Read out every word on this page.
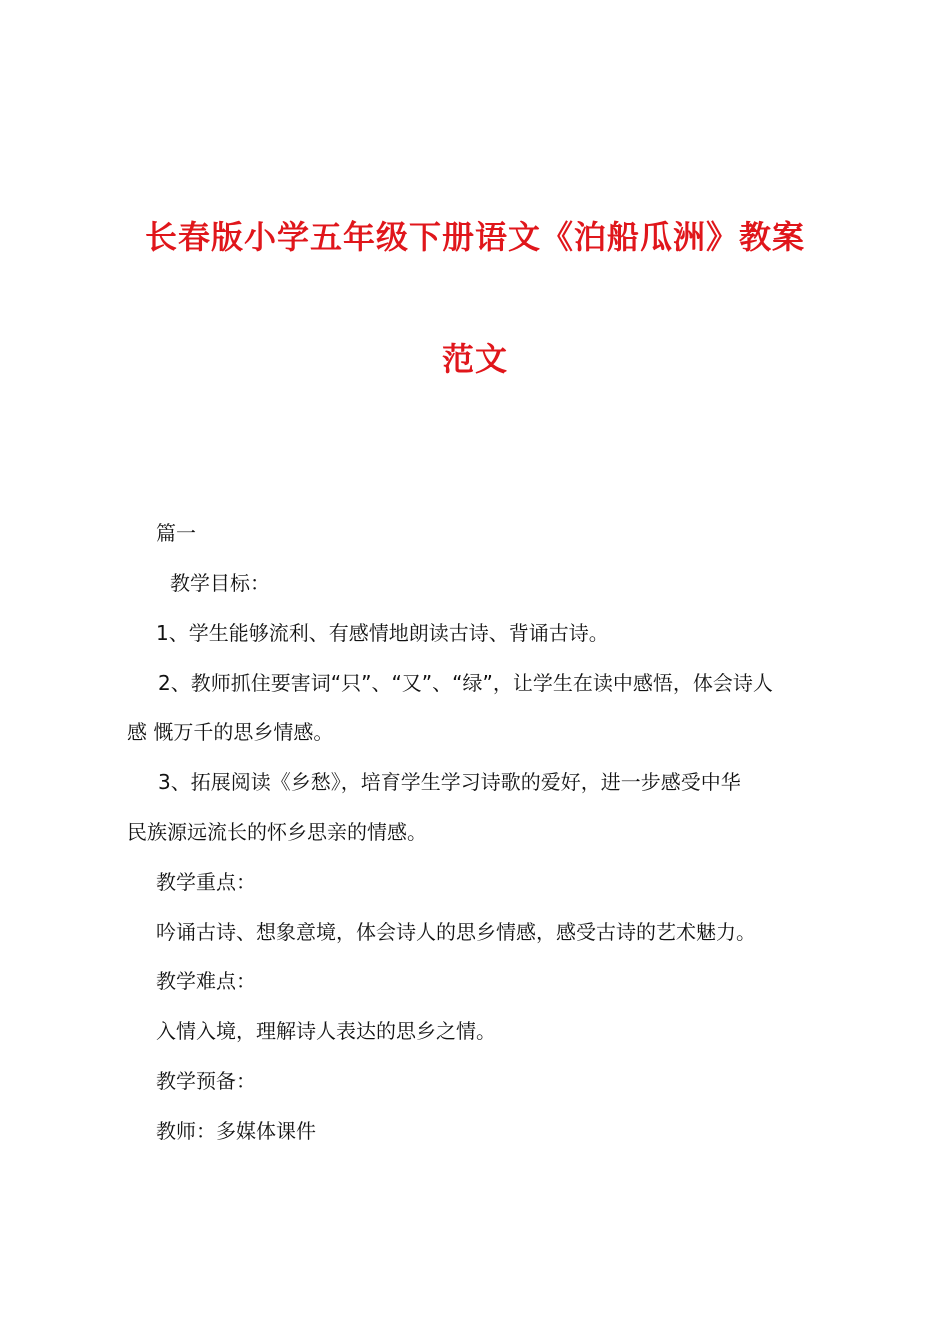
长春版小学五年级下册语文《泊船瓜洲》教案
范文

篇一

教学目标：

1、学生能够流利、有感情地朗读古诗、背诵古诗。

2、教师抓住要害词“只”、“又”、“绿”，让学生在读中感悟，体会诗人

感 慨万千的思乡情感。

3、拓展阅读《乡愁》，培育学生学习诗歌的爱好，进一步感受中华

民族源远流长的怀乡思亲的情感。

教学重点：

吟诵古诗、想象意境，体会诗人的思乡情感，感受古诗的艺术魅力。

教学难点：

入情入境，理解诗人表达的思乡之情。

教学预备：

教师：多媒体课件
